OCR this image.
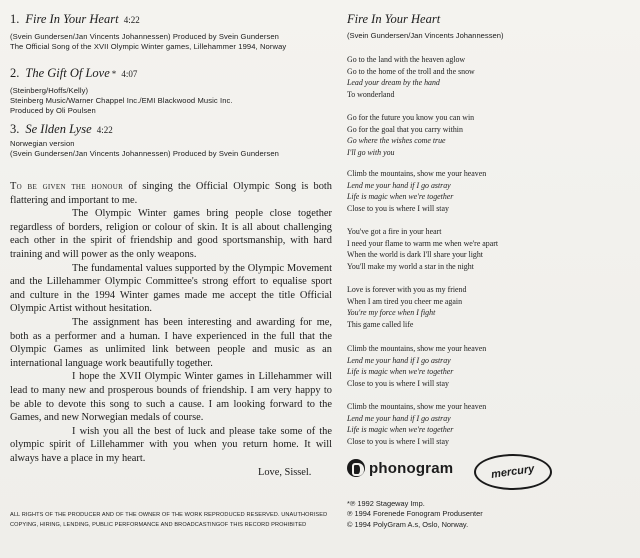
1. Fire In Your Heart 4:22
(Svein Gundersen/Jan Vincents Johannessen) Produced by Svein Gundersen
The Official Song of the XVII Olympic Winter games, Lillehammer 1994, Norway
2. The Gift Of Love * 4:07
(Steinberg/Hoffs/Kelly)
Steinberg Music/Warner Chappel Inc./EMI Blackwood Music Inc.
Produced by Oli Poulsen
3. Se Ilden Lyse 4:22
Norwegian version
(Svein Gundersen/Jan Vincents Johannessen) Produced by Svein Gundersen

To be given the honour of singing the Official Olympic Song is both flattering and important to me.

The Olympic Winter games bring people close together regardless of borders, religion or colour of skin. It is all about challenging each other in the spirit of friendship and good sportsmanship, with hard training and will power as the only weapons.

The fundamental values supported by the Olympic Movement and the Lillehammer Olympic Committee's strong effort to equalise sport and culture in the 1994 Winter games made me accept the title Official Olympic Artist without hesitation.

The assignment has been interesting and awarding for me, both as a performer and a human. I have experienced in the full that the Olympic Games as unlimited link between people and music as an international language work beautifully together.

I hope the XVII Olympic Winter games in Lillehammer will lead to many new and prosperous bounds of friendship. I am very happy to be able to devote this song to such a cause. I am looking forward to the Games, and new Norwegian medals of course.

I wish you all the best of luck and please take some of the olympic spirit of Lillehammer with you when you return home. It will always have a place in my heart.

Love, Sissel.
ALL RIGHTS OF THE PRODUCER AND OF THE OWNER OF THE WORK REPRODUCED RESERVED. UNAUTHORISED
COPYING, HIRING, LENDING, PUBLIC PERFORMANCE AND BROADCASTINGOF THIS RECORD PROHIBITED
Fire In Your Heart
(Svein Gundersen/Jan Vincents Johannessen)
Go to the land with the heaven aglow
Go to the home of the troll and the snow
Lead your dream by the hand
To wonderland
Go for the future you know you can win
Go for the goal that you carry within
Go where the wishes come true
I'll go with you
Climb the mountains, show me your heaven
Lend me your hand if I go astray
Life is magic when we're together
Close to you is where I will stay
You've got a fire in your heart
I need your flame to warm me when we're apart
When the world is dark I'll share your light
You'll make my world a star in the night
Love is forever with you as my friend
When I am tired you cheer me again
You're my force when I fight
This game called life
Climb the mountains, show me your heaven
Lend me your hand if I go astray
Life is magic when we're together
Close to you is where I will stay
Climb the mountains, show me your heaven
Lend me your hand if I go astray
Life is magic when we're together
Close to you is where I will stay
phonogram	mercury
*℗ 1992 Stageway Imp.
℗ 1994 Forenede Fonogram Produsenter
© 1994 PolyGram A.s, Oslo, Norway.
